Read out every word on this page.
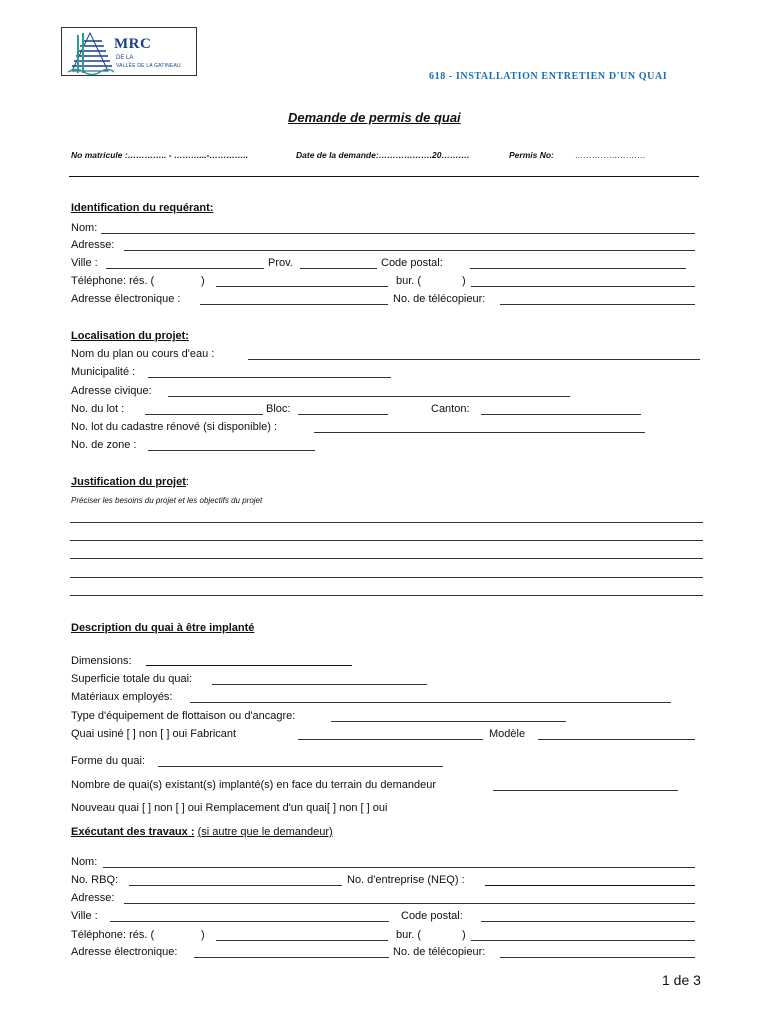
MRC
DE LA
VALLÉE DE LA GATINEAU
618 - INSTALLATION ENTRETIEN D'UN QUAI
Demande de permis de quai
No matricule :………….. - ………...-…………..	Date de la demande:……………….20……….	Permis No: …………………….
Identification du requérant:
Nom:
Adresse:
Ville :	Prov.	Code postal:
Téléphone: rés. (	)	bur. (	)
Adresse électronique :	No. de télécopieur:
Localisation du projet:
Nom du plan ou cours d'eau :
Municipalité :
Adresse civique:
No. du lot :	Bloc:	Canton:
No. lot du cadastre rénové (si disponible) :
No. de zone :
Justification du projet:
Préciser les besoins du projet et les objectifs du projet
Description du quai à être implanté
Dimensions:
Superficie totale du quai:
Matériaux employés:
Type d'équipement de flottaison ou d'ancagre:
Quai usiné [ ] non [ ] oui Fabricant	Modèle
Forme du quai:
Nombre de quai(s) existant(s) implanté(s) en face du terrain du demandeur
Nouveau quai [ ] non [ ] oui Remplacement d'un quai[ ] non [ ] oui
Exécutant des travaux : (si autre que le demandeur)
Nom:
No. RBQ:	No. d'entreprise (NEQ) :
Adresse:
Ville :	Code postal:
Téléphone: rés. (	)	bur. (	)
Adresse électronique:	No. de télécopieur:
1 de 3
